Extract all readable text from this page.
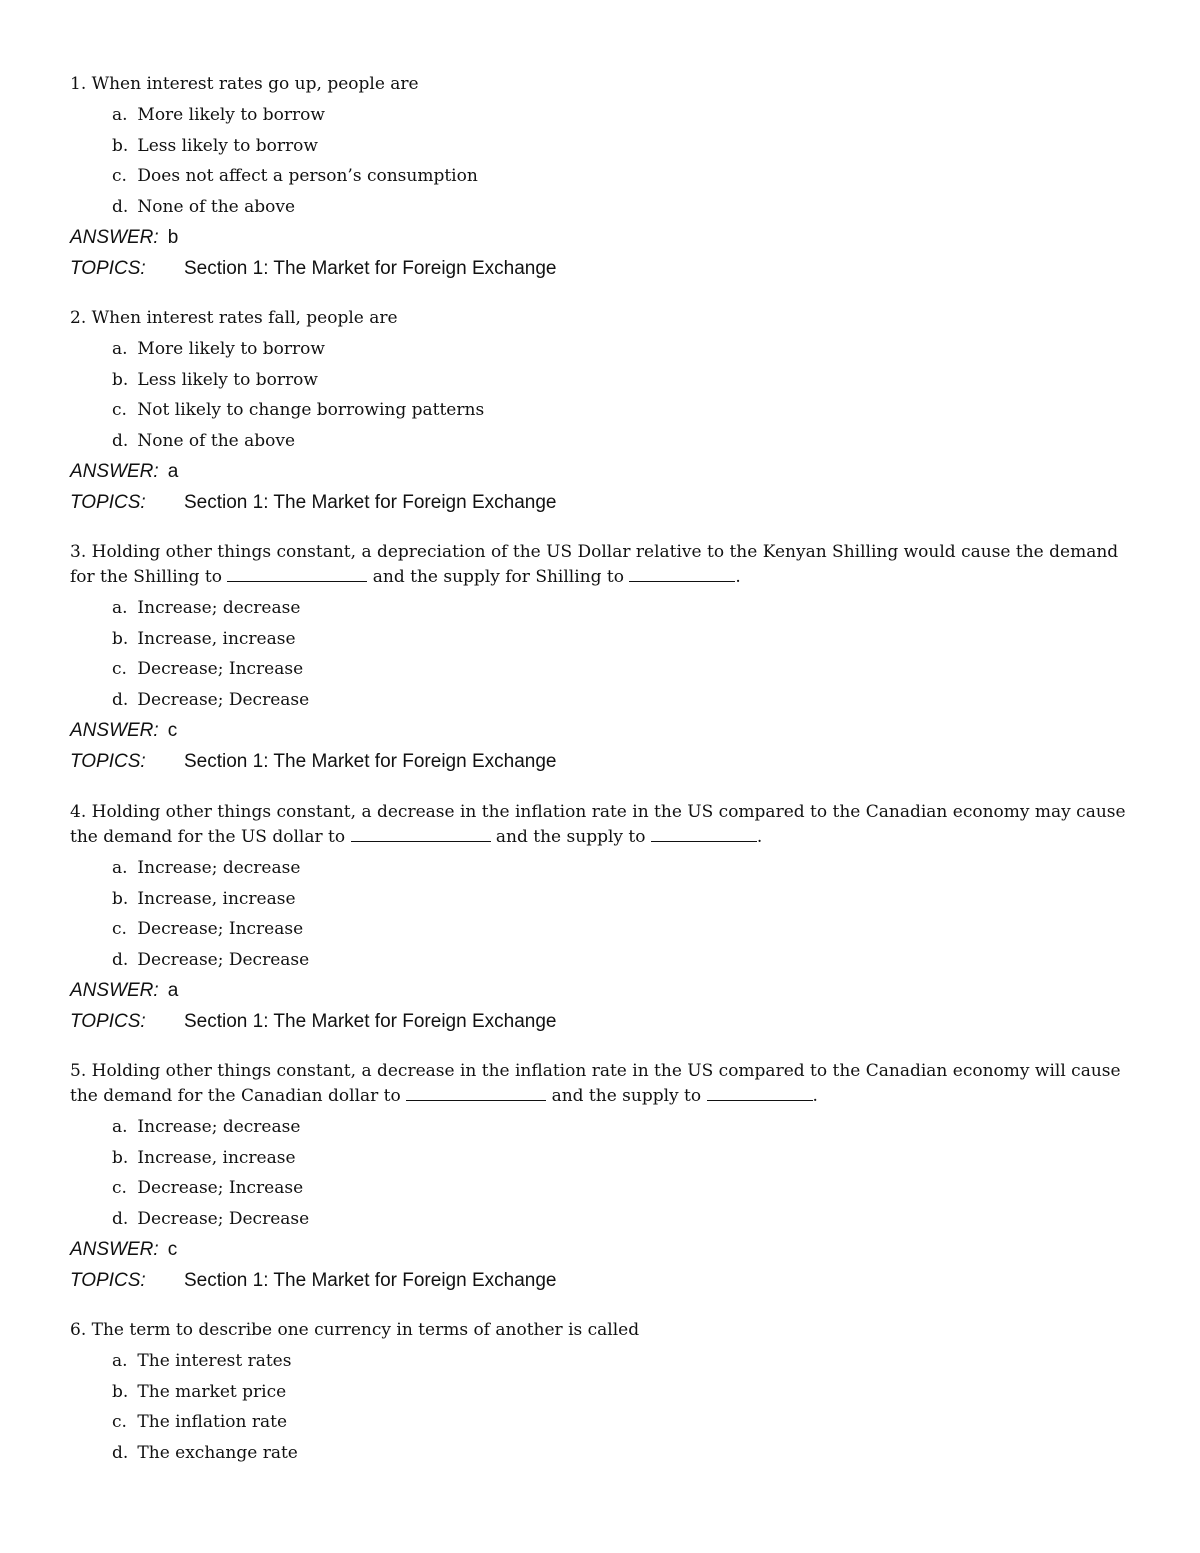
1. When interest rates go up, people are
a. More likely to borrow
b. Less likely to borrow
c. Does not affect a person’s consumption
d. None of the above
ANSWER: b
TOPICS: Section 1: The Market for Foreign Exchange
2. When interest rates fall, people are
a. More likely to borrow
b. Less likely to borrow
c. Not likely to change borrowing patterns
d. None of the above
ANSWER: a
TOPICS: Section 1: The Market for Foreign Exchange
3. Holding other things constant, a depreciation of the US Dollar relative to the Kenyan Shilling would cause the demand for the Shilling to	and the supply for Shilling to	.
a. Increase; decrease
b. Increase, increase
c. Decrease; Increase
d. Decrease; Decrease
ANSWER: c
TOPICS: Section 1: The Market for Foreign Exchange
4. Holding other things constant, a decrease in the inflation rate in the US compared to the Canadian economy may cause the demand for the US dollar to	and the supply to	.
a. Increase; decrease
b. Increase, increase
c. Decrease; Increase
d. Decrease; Decrease
ANSWER: a
TOPICS: Section 1: The Market for Foreign Exchange
5. Holding other things constant, a decrease in the inflation rate in the US compared to the Canadian economy will cause the demand for the Canadian dollar to	and the supply to	.
a. Increase; decrease
b. Increase, increase
c. Decrease; Increase
d. Decrease; Decrease
ANSWER: c
TOPICS: Section 1: The Market for Foreign Exchange
6. The term to describe one currency in terms of another is called
a. The interest rates
b. The market price
c. The inflation rate
d. The exchange rate
